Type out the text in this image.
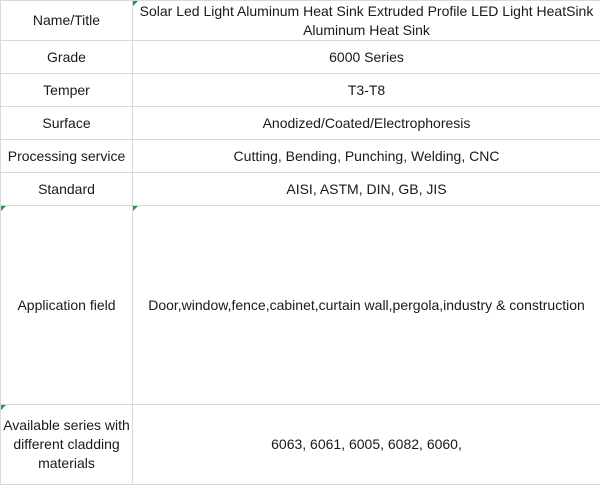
Name/Title	Solar Led Light Aluminum Heat Sink Extruded Profile LED Light HeatSink Aluminum Heat Sink
Grade	6000 Series
Temper	T3-T8
Surface	Anodized/Coated/Electrophoresis
Processing service	Cutting, Bending, Punching, Welding, CNC
Standard	AISI, ASTM, DIN, GB, JIS

Application field	Door,window,fence,cabinet,curtain wall,pergola,industry & construction

Available series with different cladding materials	6063, 6061, 6005, 6082, 6060,
